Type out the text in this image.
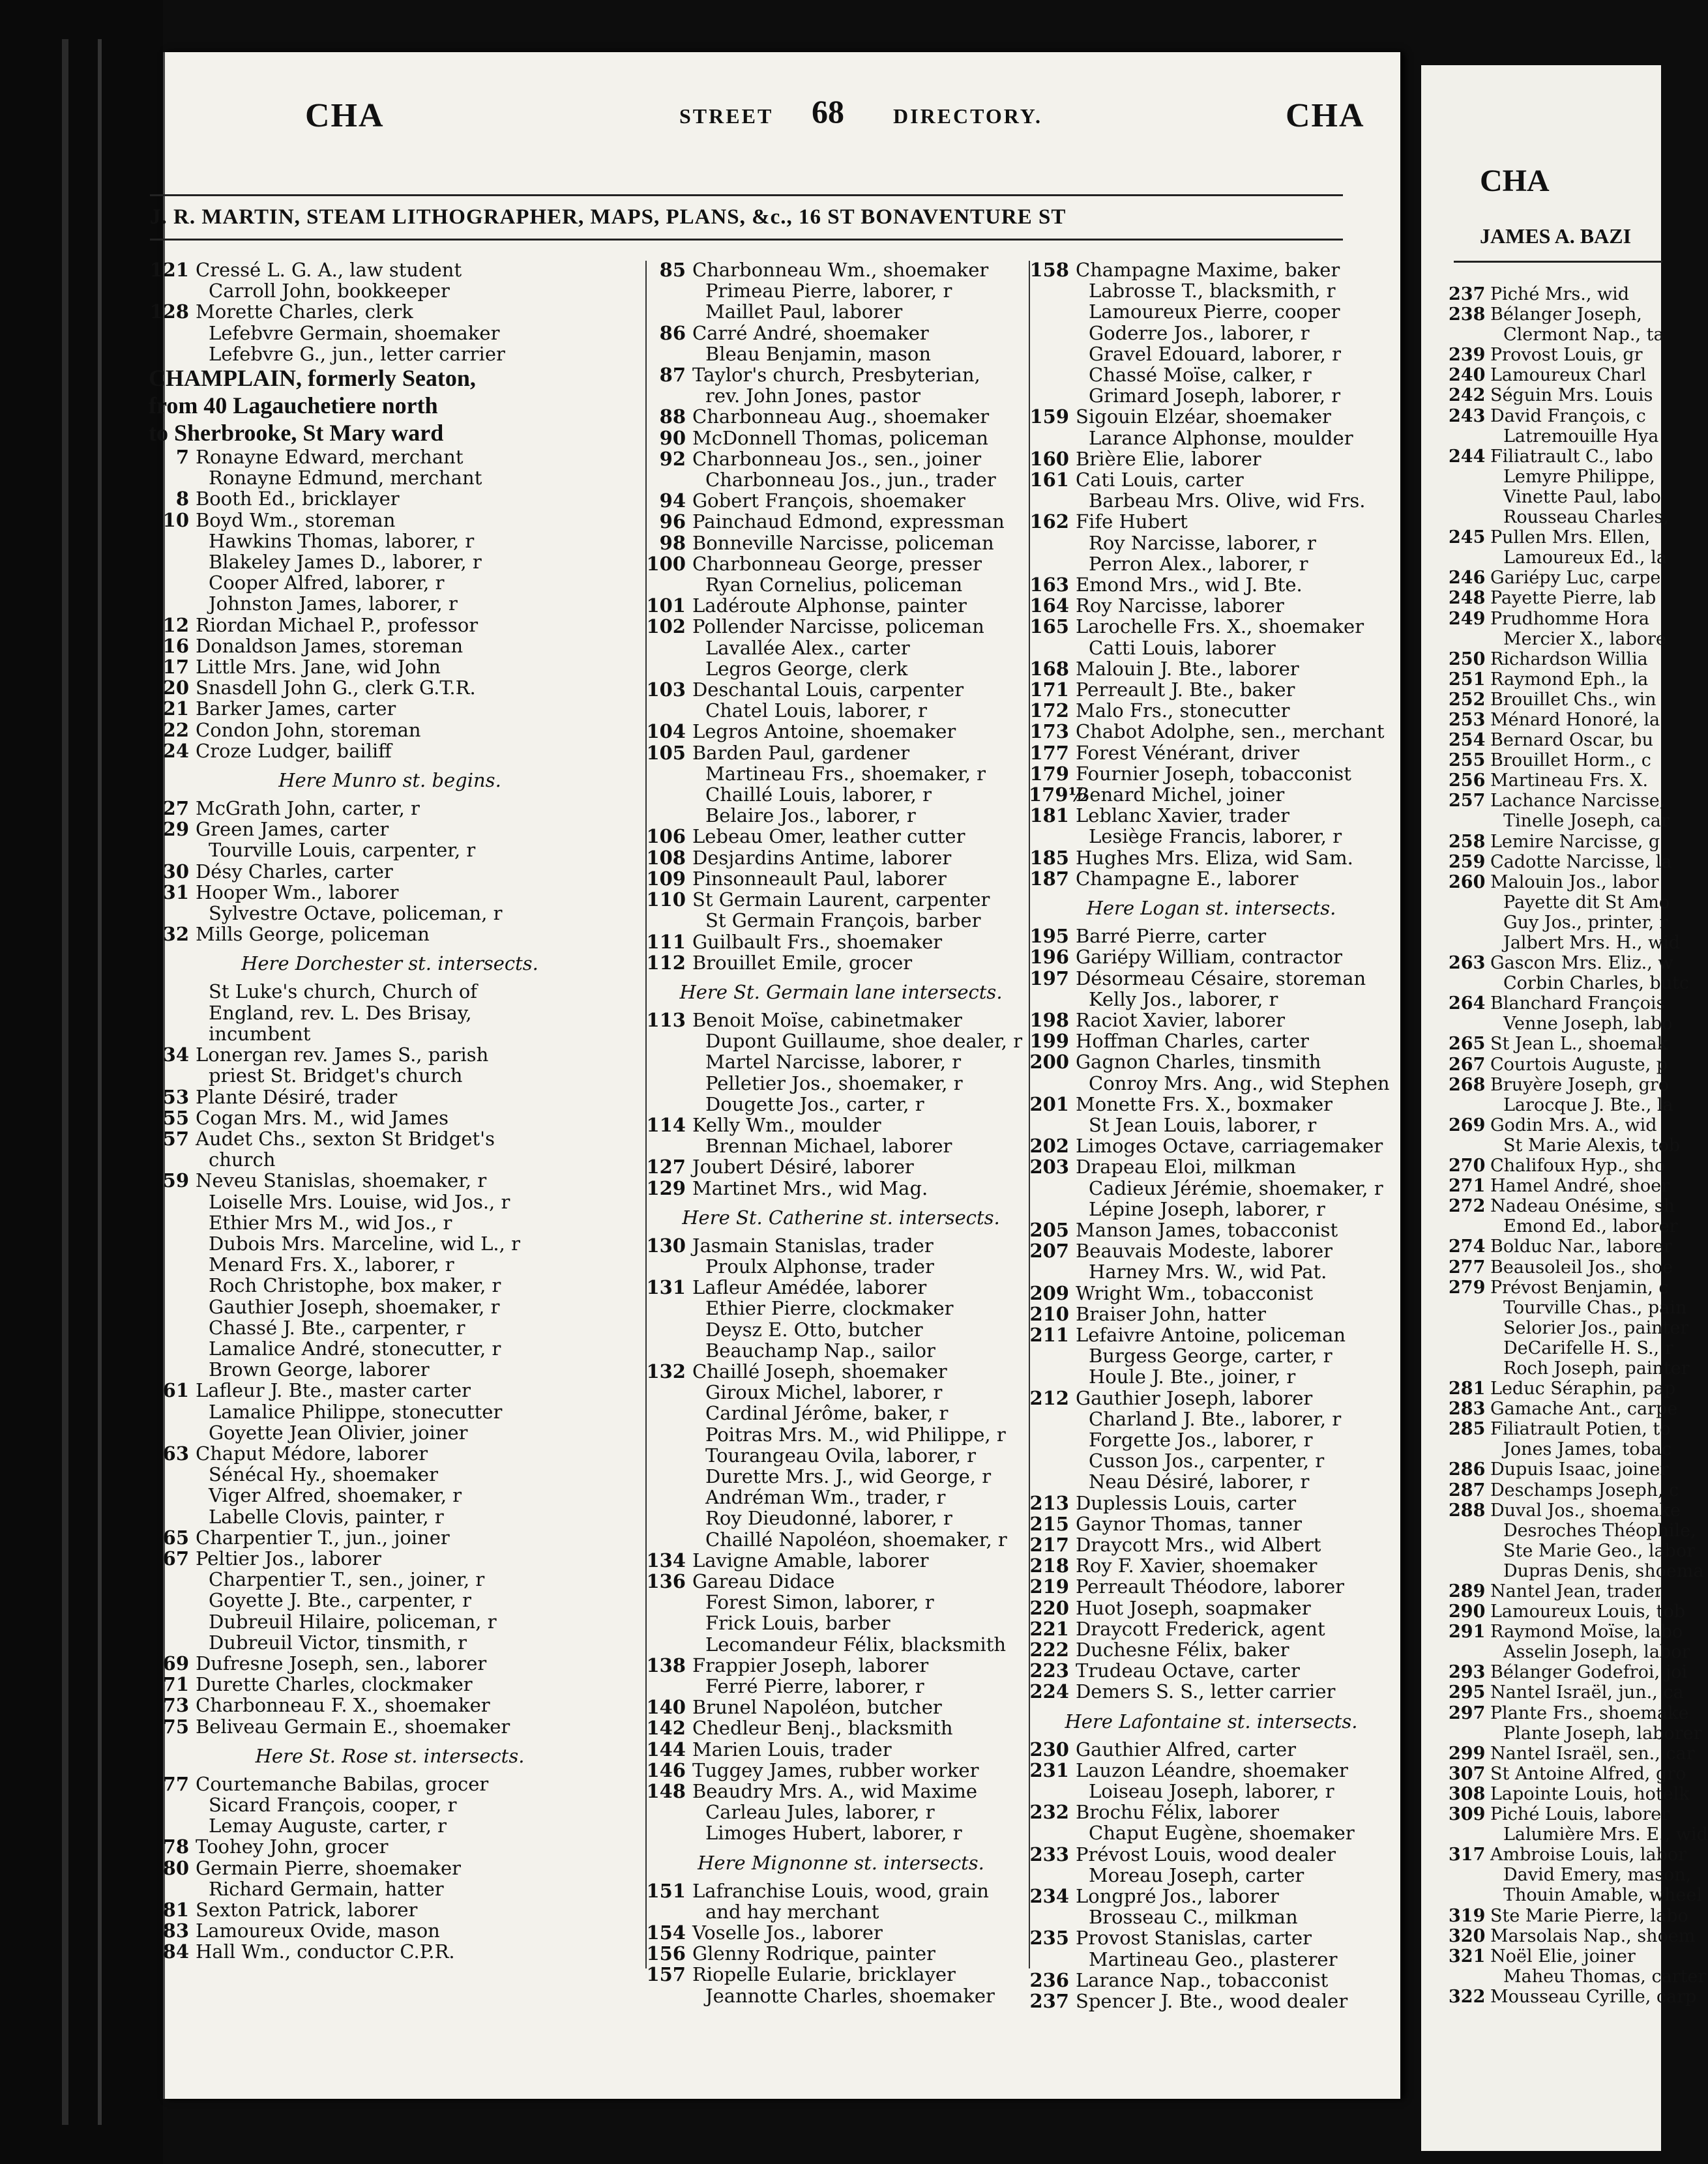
CHA	STREET 68 DIRECTORY.	CHA
J. R. MARTIN, STEAM LITHOGRAPHER, MAPS, PLANS, &c., 16 ST BONAVENTURE ST
121 Cressé L. G. A., law student
Carroll John, bookkeeper
128 Morette Charles, clerk
Lefebvre Germain, shoemaker
Lefebvre G., jun., letter carrier
CHAMPLAIN, formerly Seaton,
from 40 Lagauchetiere north
to Sherbrooke, St Mary ward
7 Ronayne Edward, merchant
Ronayne Edmund, merchant
8 Booth Ed., bricklayer
10 Boyd Wm., storeman
Hawkins Thomas, laborer, r
Blakeley James D., laborer, r
Cooper Alfred, laborer, r
Johnston James, laborer, r
12 Riordan Michael P., professor
16 Donaldson James, storeman
17 Little Mrs. Jane, wid John
20 Snasdell John G., clerk G.T.R.
21 Barker James, carter
22 Condon John, storeman
24 Croze Ludger, bailiff
Here Munro st. begins.
27 McGrath John, carter, r
29 Green James, carter
Tourville Louis, carpenter, r
30 Désy Charles, carter
31 Hooper Wm., laborer
Sylvestre Octave, policeman, r
32 Mills George, policeman
Here Dorchester st. intersects.
St Luke's church, Church of
England, rev. L. Des Brisay,
incumbent
34 Lonergan rev. James S., parish
priest St. Bridget's church
53 Plante Désiré, trader
55 Cogan Mrs. M., wid James
57 Audet Chs., sexton St Bridget's
church
59 Neveu Stanislas, shoemaker, r
Loiselle Mrs. Louise, wid Jos., r
Ethier Mrs M., wid Jos., r
Dubois Mrs. Marceline, wid L., r
Menard Frs. X., laborer, r
Roch Christophe, box maker, r
Gauthier Joseph, shoemaker, r
Chassé J. Bte., carpenter, r
Lamalice André, stonecutter, r
Brown George, laborer
61 Lafleur J. Bte., master carter
Lamalice Philippe, stonecutter
Goyette Jean Olivier, joiner
63 Chaput Médore, laborer
Sénécal Hy., shoemaker
Viger Alfred, shoemaker, r
Labelle Clovis, painter, r
65 Charpentier T., jun., joiner
67 Peltier Jos., laborer
Charpentier T., sen., joiner, r
Goyette J. Bte., carpenter, r
Dubreuil Hilaire, policeman, r
Dubreuil Victor, tinsmith, r
69 Dufresne Joseph, sen., laborer
71 Durette Charles, clockmaker
73 Charbonneau F. X., shoemaker
75 Beliveau Germain E., shoemaker
Here St. Rose st. intersects.
77 Courtemanche Babilas, grocer
Sicard François, cooper, r
Lemay Auguste, carter, r
78 Toohey John, grocer
80 Germain Pierre, shoemaker
Richard Germain, hatter
81 Sexton Patrick, laborer
83 Lamoureux Ovide, mason
84 Hall Wm., conductor C.P.R.
85 Charbonneau Wm., shoemaker
Primeau Pierre, laborer, r
Maillet Paul, laborer
86 Carré André, shoemaker
Bleau Benjamin, mason
87 Taylor's church, Presbyterian,
rev. John Jones, pastor
88 Charbonneau Aug., shoemaker
90 McDonnell Thomas, policeman
92 Charbonneau Jos., sen., joiner
Charbonneau Jos., jun., trader
94 Gobert François, shoemaker
96 Painchaud Edmond, expressman
98 Bonneville Narcisse, policeman
100 Charbonneau George, presser
Ryan Cornelius, policeman
101 Ladéroute Alphonse, painter
102 Pollender Narcisse, policeman
Lavallée Alex., carter
Legros George, clerk
103 Deschantal Louis, carpenter
Chatel Louis, laborer, r
104 Legros Antoine, shoemaker
105 Barden Paul, gardener
Martineau Frs., shoemaker, r
Chaillé Louis, laborer, r
Belaire Jos., laborer, r
106 Lebeau Omer, leather cutter
108 Desjardins Antime, laborer
109 Pinsonneault Paul, laborer
110 St Germain Laurent, carpenter
St Germain François, barber
111 Guilbault Frs., shoemaker
112 Brouillet Emile, grocer
Here St. Germain lane intersects.
113 Benoit Moïse, cabinetmaker
Dupont Guillaume, shoe dealer, r
Martel Narcisse, laborer, r
Pelletier Jos., shoemaker, r
Dougette Jos., carter, r
114 Kelly Wm., moulder
Brennan Michael, laborer
127 Joubert Désiré, laborer
129 Martinet Mrs., wid Mag.
Here St. Catherine st. intersects.
130 Jasmain Stanislas, trader
Proulx Alphonse, trader
131 Lafleur Amédée, laborer
Ethier Pierre, clockmaker
Deysz E. Otto, butcher
Beauchamp Nap., sailor
132 Chaillé Joseph, shoemaker
Giroux Michel, laborer, r
Cardinal Jérôme, baker, r
Poitras Mrs. M., wid Philippe, r
Tourangeau Ovila, laborer, r
Durette Mrs. J., wid George, r
Andréman Wm., trader, r
Roy Dieudonné, laborer, r
Chaillé Napoléon, shoemaker, r
134 Lavigne Amable, laborer
136 Gareau Didace
Forest Simon, laborer, r
Frick Louis, barber
Lecomandeur Félix, blacksmith
138 Frappier Joseph, laborer
Ferré Pierre, laborer, r
140 Brunel Napoléon, butcher
142 Chedleur Benj., blacksmith
144 Marien Louis, trader
146 Tuggey James, rubber worker
148 Beaudry Mrs. A., wid Maxime
Carleau Jules, laborer, r
Limoges Hubert, laborer, r
Here Mignonne st. intersects.
151 Lafranchise Louis, wood, grain
and hay merchant
154 Voselle Jos., laborer
156 Glenny Rodrique, painter
157 Riopelle Eularie, bricklayer
Jeannotte Charles, shoemaker
158 Champagne Maxime, baker
Labrosse T., blacksmith, r
Lamoureux Pierre, cooper
Goderre Jos., laborer, r
Gravel Edouard, laborer, r
Chassé Moïse, calker, r
Grimard Joseph, laborer, r
159 Sigouin Elzéar, shoemaker
Larance Alphonse, moulder
160 Brière Elie, laborer
161 Cati Louis, carter
Barbeau Mrs. Olive, wid Frs.
162 Fife Hubert
Roy Narcisse, laborer, r
Perron Alex., laborer, r
163 Emond Mrs., wid J. Bte.
164 Roy Narcisse, laborer
165 Larochelle Frs. X., shoemaker
Catti Louis, laborer
168 Malouin J. Bte., laborer
171 Perreault J. Bte., baker
172 Malo Frs., stonecutter
173 Chabot Adolphe, sen., merchant
177 Forest Vénérant, driver
179 Fournier Joseph, tobacconist
179½
Benard Michel, joiner
181 Leblanc Xavier, trader
Lesiège Francis, laborer, r
185 Hughes Mrs. Eliza, wid Sam.
187 Champagne E., laborer
Here Logan st. intersects.
195 Barré Pierre, carter
196 Gariépy William, contractor
197 Désormeau Césaire, storeman
Kelly Jos., laborer, r
198 Raciot Xavier, laborer
199 Hoffman Charles, carter
200 Gagnon Charles, tinsmith
Conroy Mrs. Ang., wid Stephen
201 Monette Frs. X., boxmaker
St Jean Louis, laborer, r
202 Limoges Octave, carriagemaker
203 Drapeau Eloi, milkman
Cadieux Jérémie, shoemaker, r
Lépine Joseph, laborer, r
205 Manson James, tobacconist
207 Beauvais Modeste, laborer
Harney Mrs. W., wid Pat.
209 Wright Wm., tobacconist
210 Braiser John, hatter
211 Lefaivre Antoine, policeman
Burgess George, carter, r
Houle J. Bte., joiner, r
212 Gauthier Joseph, laborer
Charland J. Bte., laborer, r
Forgette Jos., laborer, r
Cusson Jos., carpenter, r
Neau Désiré, laborer, r
213 Duplessis Louis, carter
215 Gaynor Thomas, tanner
217 Draycott Mrs., wid Albert
218 Roy F. Xavier, shoemaker
219 Perreault Théodore, laborer
220 Huot Joseph, soapmaker
221 Draycott Frederick, agent
222 Duchesne Félix, baker
223 Trudeau Octave, carter
224 Demers S. S., letter carrier
Here Lafontaine st. intersects.
230 Gauthier Alfred, carter
231 Lauzon Léandre, shoemaker
Loiseau Joseph, laborer, r
232 Brochu Félix, laborer
Chaput Eugène, shoemaker
233 Prévost Louis, wood dealer
Moreau Joseph, carter
234 Longpré Jos., laborer
Brosseau C., milkman
235 Provost Stanislas, carter
Martineau Geo., plasterer
236 Larance Nap., tobacconist
237 Spencer J. Bte., wood dealer
CHA
JAMES A. BAZI
237 Piché Mrs., wid
238 Bélanger Joseph,
Clermont Nap., ta
239 Provost Louis, gr
240 Lamoureux Charl
242 Séguin Mrs. Louis
243 David François, c
Latremouille Hya
244 Filiatrault C., labo
Lemyre Philippe,
Vinette Paul, labo
Rousseau Charles,
245 Pullen Mrs. Ellen,
Lamoureux Ed., la
246 Gariépy Luc, carpe
248 Payette Pierre, lab
249 Prudhomme Hora
Mercier X., labore
250 Richardson Willia
251 Raymond Eph., la
252 Brouillet Chs., win
253 Ménard Honoré, la
254 Bernard Oscar, bu
255 Brouillet Horm., c
256 Martineau Frs. X.
257 Lachance Narcisse,
Tinelle Joseph, car
258 Lemire Narcisse, g
259 Cadotte Narcisse, la
260 Malouin Jos., labor
Payette dit St Amo
Guy Jos., printer, r
Jalbert Mrs. H., wid
263 Gascon Mrs. Eliz., w
Corbin Charles, butc
264 Blanchard François
Venne Joseph, labo
265 St Jean L., shoemak
267 Courtois Auguste, p
268 Bruyère Joseph, gro
Larocque J. Bte., la
269 Godin Mrs. A., wid
St Marie Alexis, tob
270 Chalifoux Hyp., sho
271 Hamel André, shoer
272 Nadeau Onésime, sh
Emond Ed., laborer
274 Bolduc Nar., laborer
277 Beausoleil Jos., shoe
279 Prévost Benjamin, c
Tourville Chas., pain
Selorier Jos., painter
DeCarifelle H. S., r
Roch Joseph, painter
281 Leduc Séraphin, pap
283 Gamache Ant., carpe
285 Filiatrault Potien, to
Jones James, tobac
286 Dupuis Isaac, joiner
287 Deschamps Joseph, c
288 Duval Jos., shoemake
Desroches Théophile,
Ste Marie Geo., labor
Dupras Denis, shoema
289 Nantel Jean, trader
290 Lamoureux Louis, tob
291 Raymond Moïse, labo
Asselin Joseph, labor
293 Bélanger Godefroi, joi
295 Nantel Israël, jun., ca
297 Plante Frs., shoemake
Plante Joseph, laborer
299 Nantel Israël, sen., car
307 St Antoine Alfred, gro
308 Lapointe Louis, hotelk
309 Piché Louis, laborer
Lalumière Mrs. E., wid
317 Ambroise Louis, labor
David Emery, mason,
Thouin Amable, wheel
319 Ste Marie Pierre, labo
320 Marsolais Nap., shoem
321 Noël Elie, joiner
Maheu Thomas, carter
322 Mousseau Cyrille, carp
